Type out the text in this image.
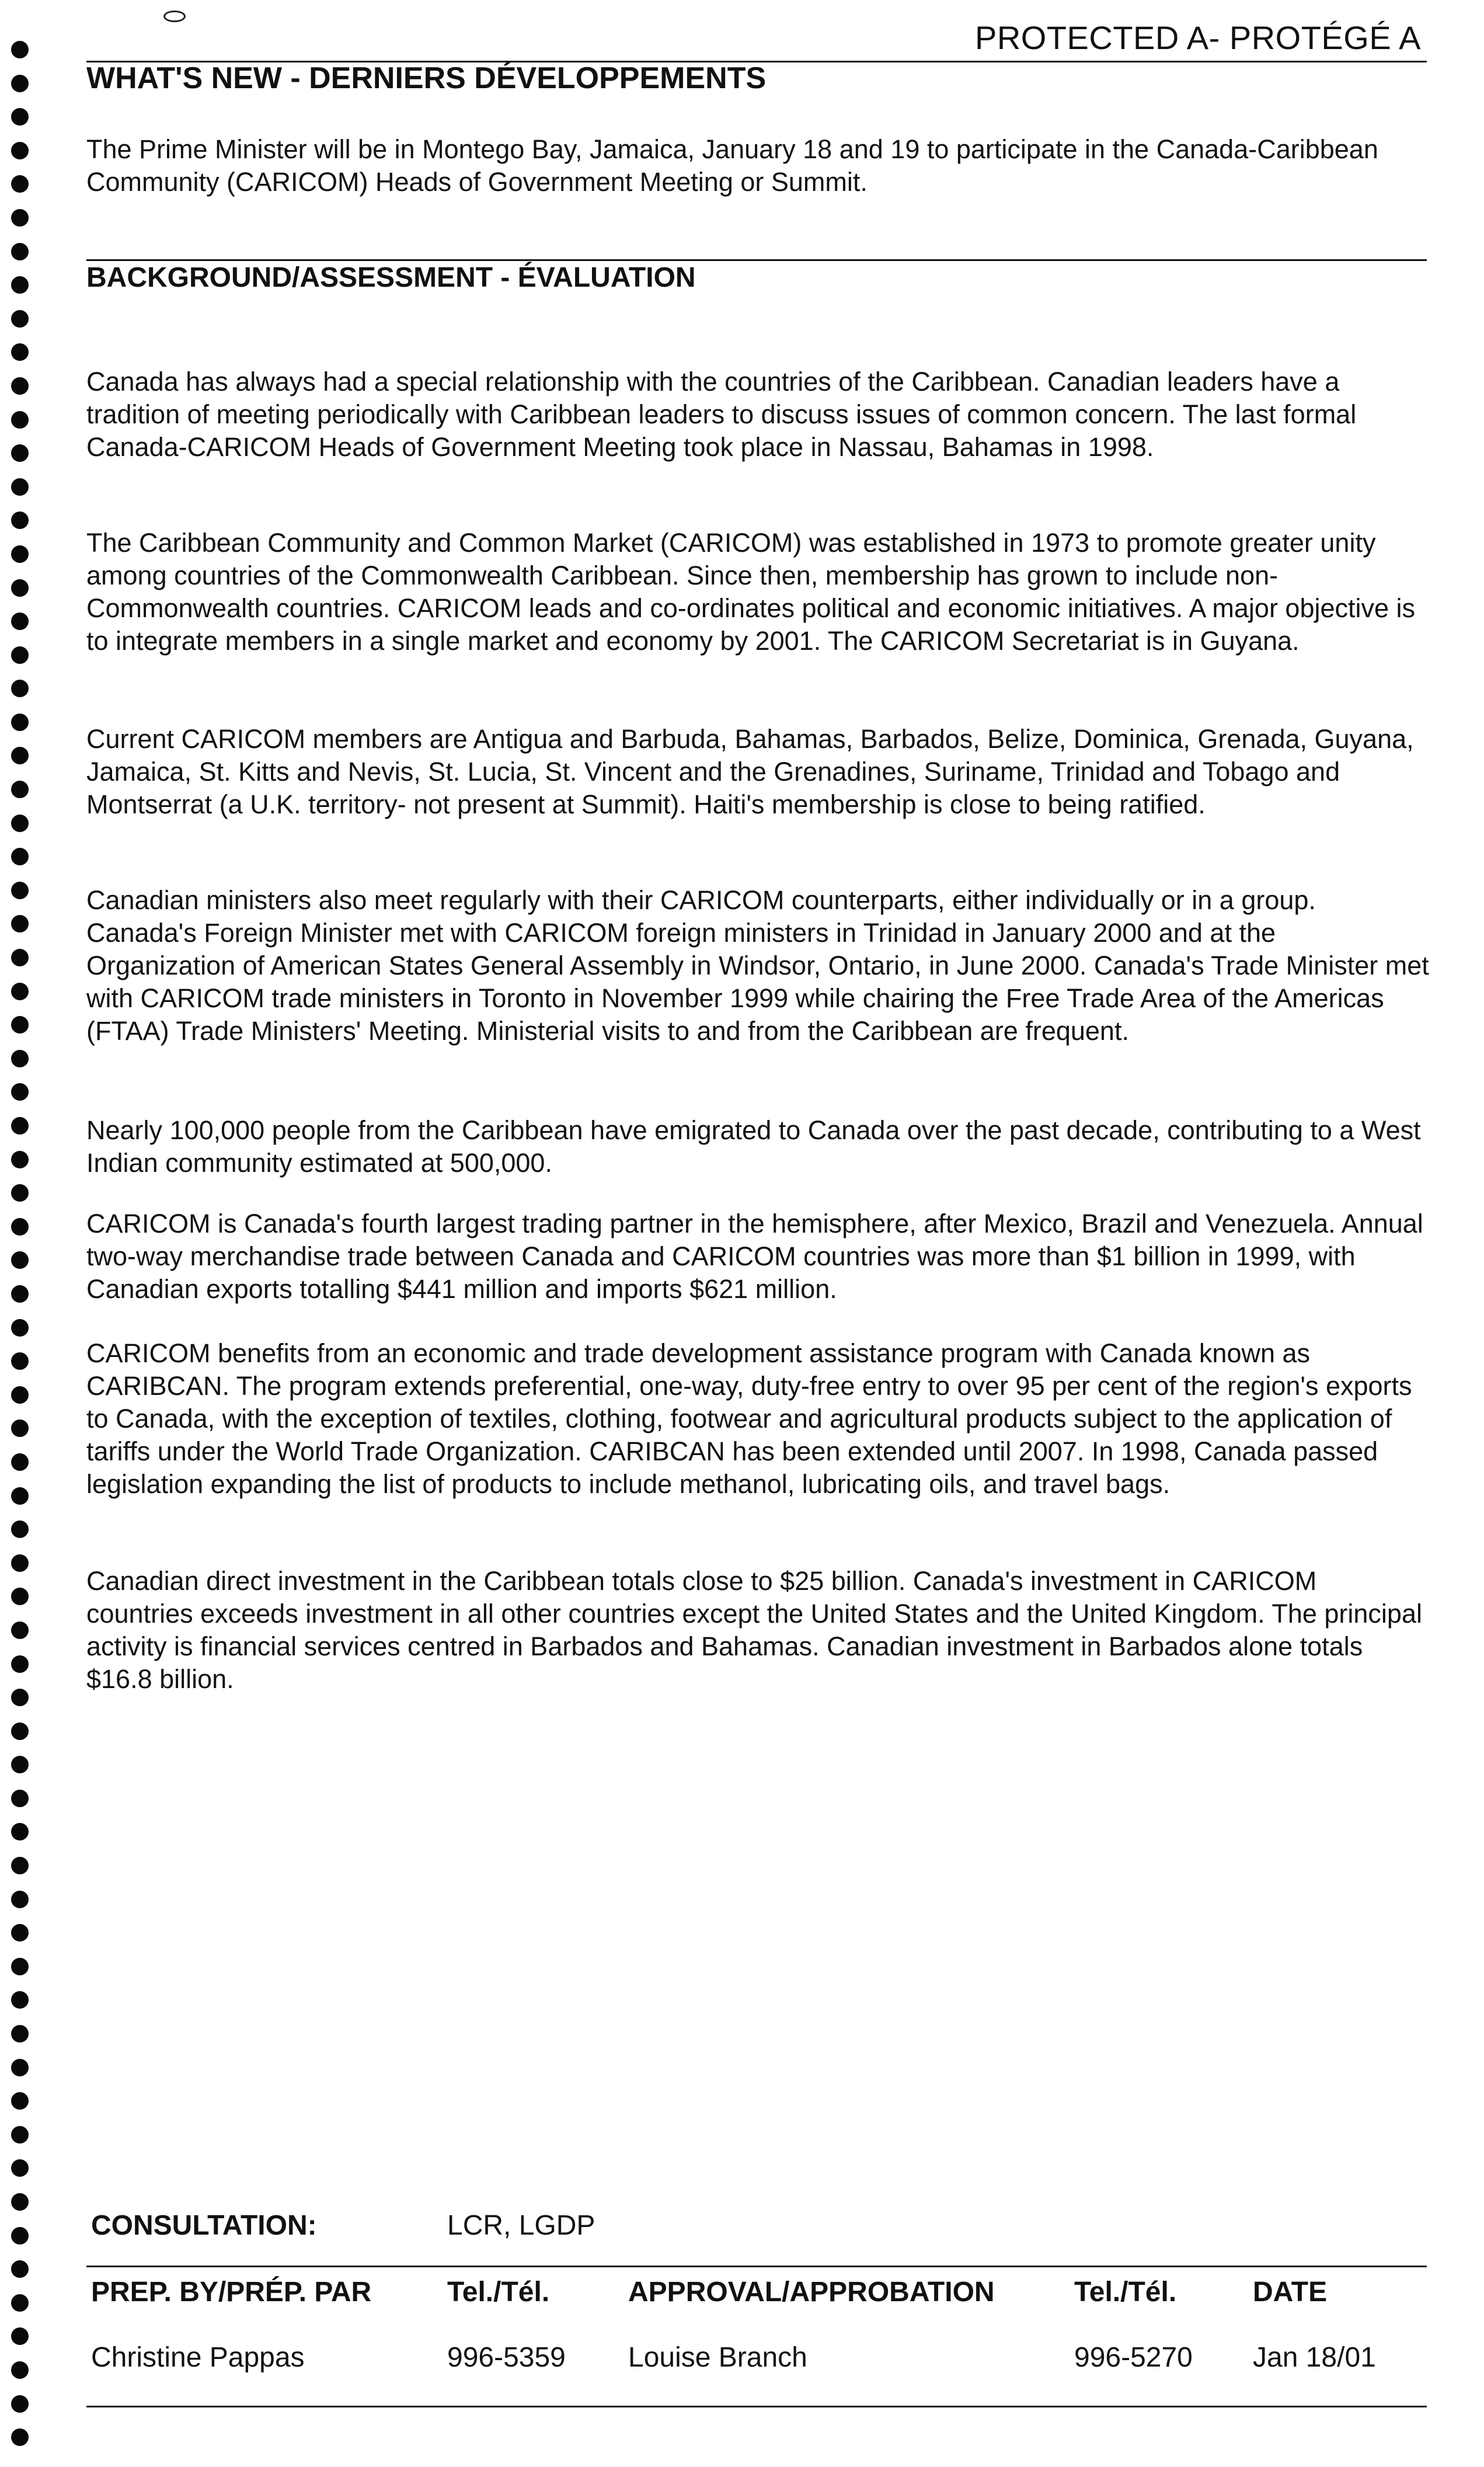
PROTECTED A- PROTÉGÉ A
WHAT'S NEW - DERNIERS DÉVELOPPEMENTS

The Prime Minister will be in Montego Bay, Jamaica, January 18 and 19 to participate in the Canada-Caribbean Community (CARICOM) Heads of Government Meeting or Summit.

BACKGROUND/ASSESSMENT - ÉVALUATION

Canada has always had a special relationship with the countries of the Caribbean. Canadian leaders have a tradition of meeting periodically with Caribbean leaders to discuss issues of common concern. The last formal Canada-CARICOM Heads of Government Meeting took place in Nassau, Bahamas in 1998.

The Caribbean Community and Common Market (CARICOM) was established in 1973 to promote greater unity among countries of the Commonwealth Caribbean. Since then, membership has grown to include non-Commonwealth countries. CARICOM leads and co-ordinates political and economic initiatives. A major objective is to integrate members in a single market and economy by 2001. The CARICOM Secretariat is in Guyana.

Current CARICOM members are Antigua and Barbuda, Bahamas, Barbados, Belize, Dominica, Grenada, Guyana, Jamaica, St. Kitts and Nevis, St. Lucia, St. Vincent and the Grenadines, Suriname, Trinidad and Tobago and Montserrat (a U.K. territory- not present at Summit). Haiti's membership is close to being ratified.

Canadian ministers also meet regularly with their CARICOM counterparts, either individually or in a group. Canada's Foreign Minister met with CARICOM foreign ministers in Trinidad in January 2000 and at the Organization of American States General Assembly in Windsor, Ontario, in June 2000. Canada's Trade Minister met with CARICOM trade ministers in Toronto in November 1999 while chairing the Free Trade Area of the Americas (FTAA) Trade Ministers' Meeting. Ministerial visits to and from the Caribbean are frequent.

Nearly 100,000 people from the Caribbean have emigrated to Canada over the past decade, contributing to a West Indian community estimated at 500,000.

CARICOM is Canada's fourth largest trading partner in the hemisphere, after Mexico, Brazil and Venezuela. Annual two-way merchandise trade between Canada and CARICOM countries was more than $1 billion in 1999, with Canadian exports totalling $441 million and imports $621 million.

CARICOM benefits from an economic and trade development assistance program with Canada known as CARIBCAN. The program extends preferential, one-way, duty-free entry to over 95 per cent of the region's exports to Canada, with the exception of textiles, clothing, footwear and agricultural products subject to the application of tariffs under the World Trade Organization. CARIBCAN has been extended until 2007. In 1998, Canada passed legislation expanding the list of products to include methanol, lubricating oils, and travel bags.

Canadian direct investment in the Caribbean totals close to $25 billion. Canada's investment in CARICOM countries exceeds investment in all other countries except the United States and the United Kingdom. The principal activity is financial services centred in Barbados and Bahamas. Canadian investment in Barbados alone totals $16.8 billion.

CONSULTATION:	LCR, LGDP
PREP. BY/PRÉP. PAR	Tel./Tél.	APPROVAL/APPROBATION	Tel./Tél.	DATE
Christine Pappas	996-5359 Louise Branch	996-5270 Jan 18/01
